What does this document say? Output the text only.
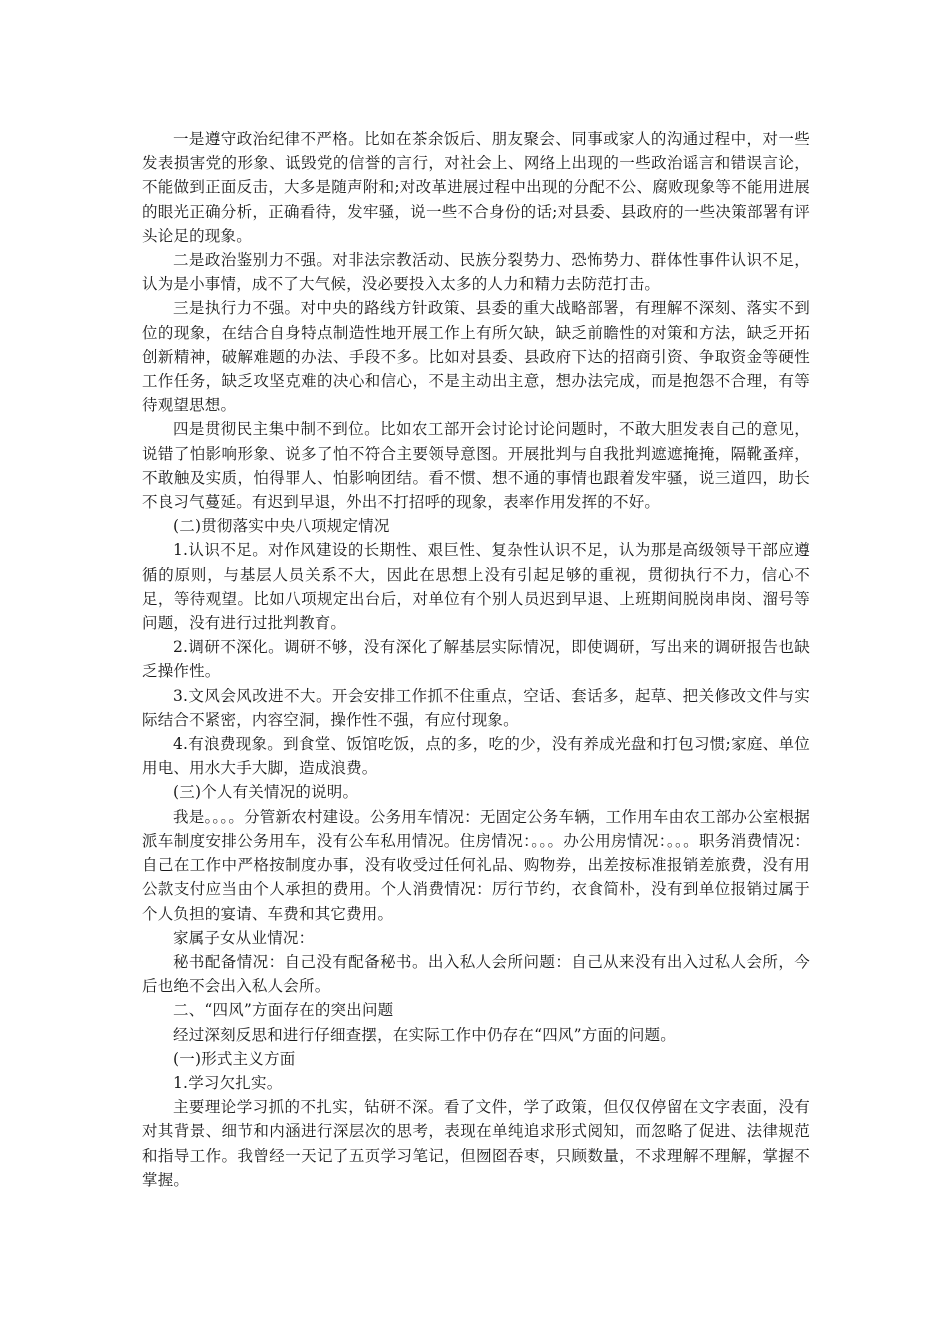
一是遵守政治纪律不严格。比如在茶余饭后、朋友聚会、同事或家人的沟通过程中，对一些发表损害党的形象、诋毁党的信誉的言行，对社会上、网络上出现的一些政治谣言和错误言论，不能做到正面反击，大多是随声附和;对改革进展过程中出现的分配不公、腐败现象等不能用进展的眼光正确分析，正确看待，发牢骚，说一些不合身份的话;对县委、县政府的一些决策部署有评头论足的现象。

二是政治鉴别力不强。对非法宗教活动、民族分裂势力、恐怖势力、群体性事件认识不足，认为是小事情，成不了大气候，没必要投入太多的人力和精力去防范打击。

三是执行力不强。对中央的路线方针政策、县委的重大战略部署，有理解不深刻、落实不到位的现象，在结合自身特点制造性地开展工作上有所欠缺，缺乏前瞻性的对策和方法，缺乏开拓创新精神，破解难题的办法、手段不多。比如对县委、县政府下达的招商引资、争取资金等硬性工作任务，缺乏攻坚克难的决心和信心，不是主动出主意，想办法完成，而是抱怨不合理，有等待观望思想。

四是贯彻民主集中制不到位。比如农工部开会讨论讨论问题时，不敢大胆发表自己的意见，说错了怕影响形象、说多了怕不符合主要领导意图。开展批判与自我批判遮遮掩掩，隔靴蚤痒，不敢触及实质，怕得罪人、怕影响团结。看不惯、想不通的事情也跟着发牢骚，说三道四，助长不良习气蔓延。有迟到早退，外出不打招呼的现象，表率作用发挥的不好。

(二)贯彻落实中央八项规定情况

1.认识不足。对作风建设的长期性、艰巨性、复杂性认识不足，认为那是高级领导干部应遵循的原则，与基层人员关系不大，因此在思想上没有引起足够的重视，贯彻执行不力，信心不足，等待观望。比如八项规定出台后，对单位有个别人员迟到早退、上班期间脱岗串岗、溜号等问题，没有进行过批判教育。

2.调研不深化。调研不够，没有深化了解基层实际情况，即使调研，写出来的调研报告也缺乏操作性。

3.文风会风改进不大。开会安排工作抓不住重点，空话、套话多，起草、把关修改文件与实际结合不紧密，内容空洞，操作性不强，有应付现象。

4.有浪费现象。到食堂、饭馆吃饭，点的多，吃的少，没有养成光盘和打包习惯;家庭、单位用电、用水大手大脚，造成浪费。

(三)个人有关情况的说明。

我是。。。。分管新农村建设。公务用车情况：无固定公务车辆，工作用车由农工部办公室根据派车制度安排公务用车，没有公车私用情况。住房情况：。。。办公用房情况：。。。职务消费情况：自己在工作中严格按制度办事，没有收受过任何礼品、购物券，出差按标准报销差旅费，没有用公款支付应当由个人承担的费用。个人消费情况：厉行节约，衣食简朴，没有到单位报销过属于个人负担的宴请、车费和其它费用。

家属子女从业情况：

秘书配备情况：自己没有配备秘书。出入私人会所问题：自己从来没有出入过私人会所，今后也绝不会出入私人会所。

二、“四风”方面存在的突出问题

经过深刻反思和进行仔细查摆，在实际工作中仍存在“四风”方面的问题。

(一)形式主义方面

1.学习欠扎实。

主要理论学习抓的不扎实，钻研不深。看了文件，学了政策，但仅仅停留在文字表面，没有对其背景、细节和内涵进行深层次的思考，表现在单纯追求形式阅知，而忽略了促进、法律规范和指导工作。我曾经一天记了五页学习笔记，但囫囵吞枣，只顾数量，不求理解不理解，掌握不掌握。
